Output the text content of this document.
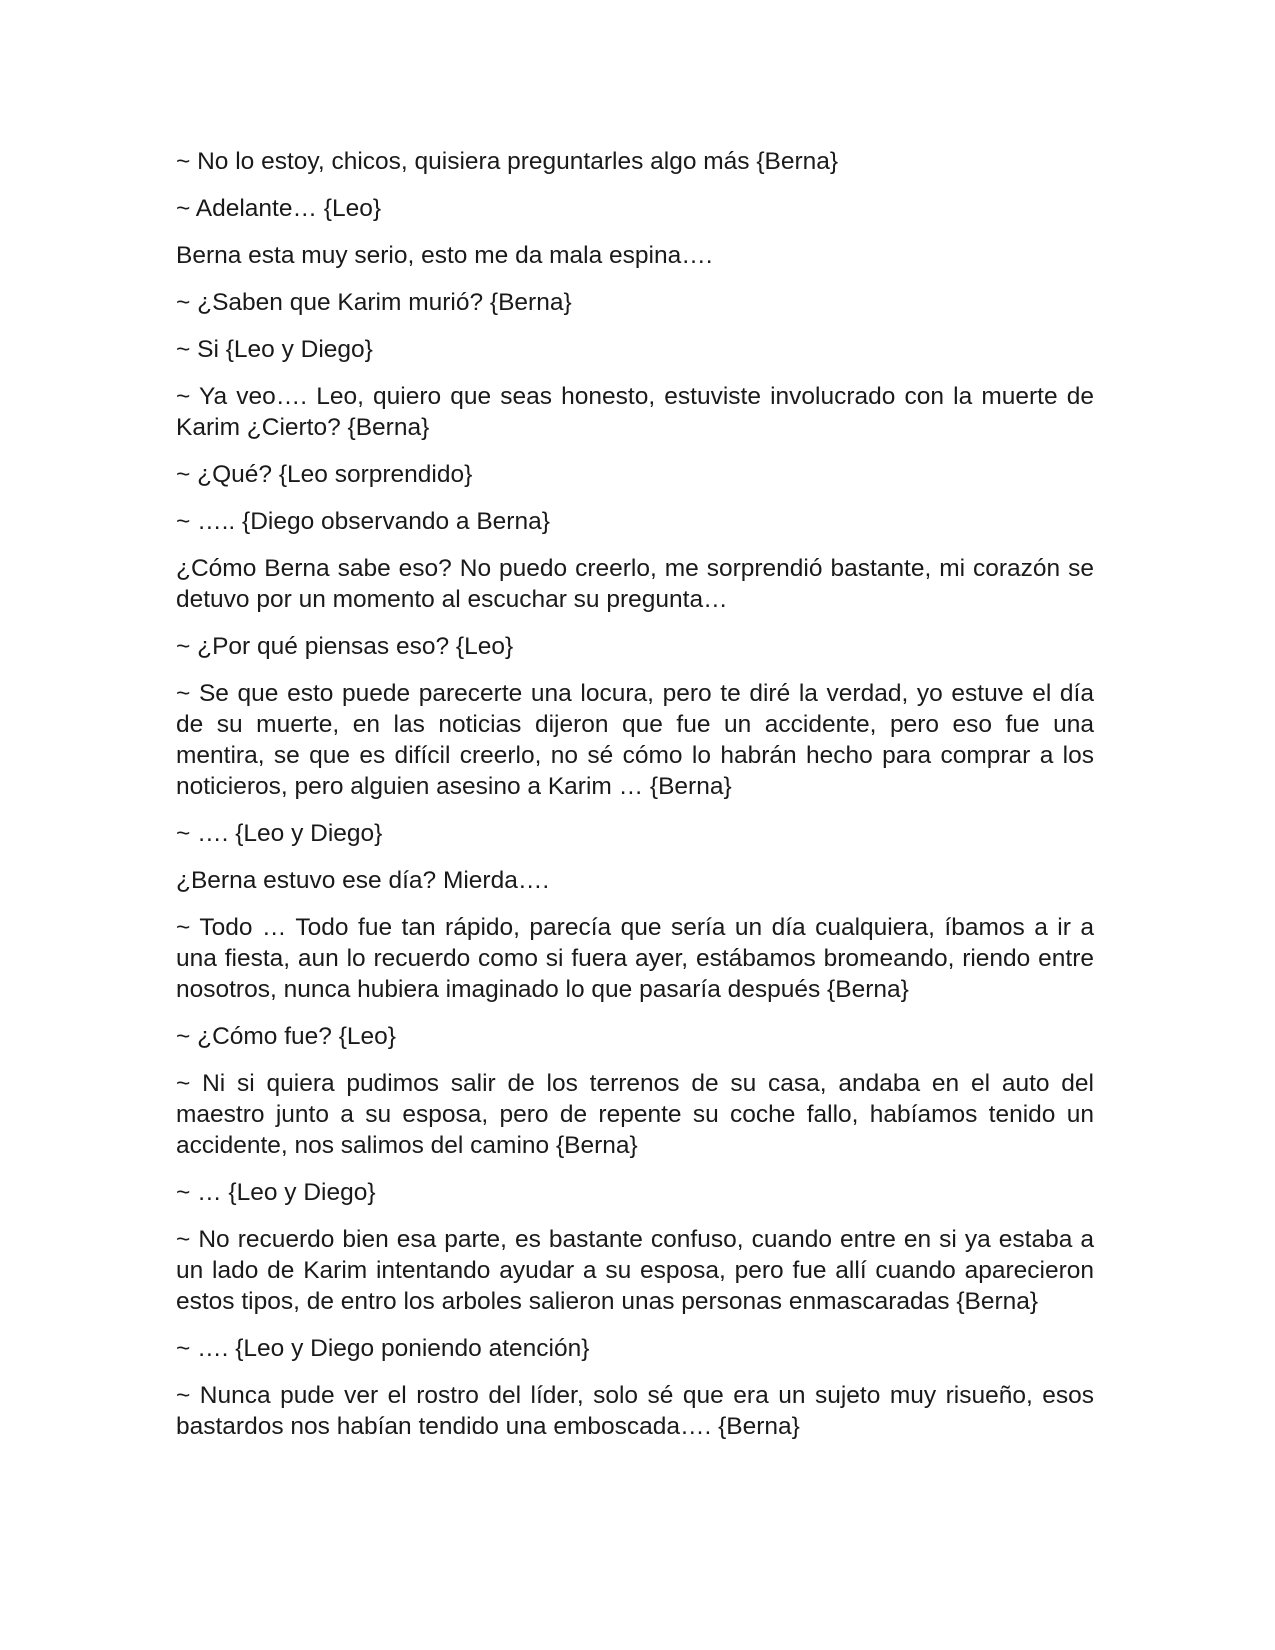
~ No lo estoy, chicos, quisiera preguntarles algo más {Berna}

~ Adelante… {Leo}

Berna esta muy serio, esto me da mala espina….

~ ¿Saben que Karim murió? {Berna}

~ Si {Leo y Diego}

~ Ya veo…. Leo, quiero que seas honesto, estuviste involucrado con la muerte de Karim ¿Cierto? {Berna}

~ ¿Qué? {Leo sorprendido}

~ ….. {Diego observando a Berna}

¿Cómo Berna sabe eso? No puedo creerlo, me sorprendió bastante, mi corazón se detuvo por un momento al escuchar su pregunta…

~ ¿Por qué piensas eso? {Leo}

~ Se que esto puede parecerte una locura, pero te diré la verdad, yo estuve el día de su muerte, en las noticias dijeron que fue un accidente, pero eso fue una mentira, se que es difícil creerlo, no sé cómo lo habrán hecho para comprar a los noticieros, pero alguien asesino a Karim … {Berna}

~ …. {Leo y Diego}

¿Berna estuvo ese día? Mierda….

~ Todo … Todo fue tan rápido, parecía que sería un día cualquiera, íbamos a ir a una fiesta, aun lo recuerdo como si fuera ayer, estábamos bromeando, riendo entre nosotros, nunca hubiera imaginado lo que pasaría después {Berna}

~ ¿Cómo fue? {Leo}

~ Ni si quiera pudimos salir de los terrenos de su casa, andaba en el auto del maestro junto a su esposa, pero de repente su coche fallo, habíamos tenido un accidente, nos salimos del camino {Berna}

~ … {Leo y Diego}

~ No recuerdo bien esa parte, es bastante confuso, cuando entre en si ya estaba a un lado de Karim intentando ayudar a su esposa, pero fue allí cuando aparecieron estos tipos, de entro los arboles salieron unas personas enmascaradas {Berna}

~ …. {Leo y Diego poniendo atención}

~ Nunca pude ver el rostro del líder, solo sé que era un sujeto muy risueño, esos bastardos nos habían tendido una emboscada…. {Berna}
